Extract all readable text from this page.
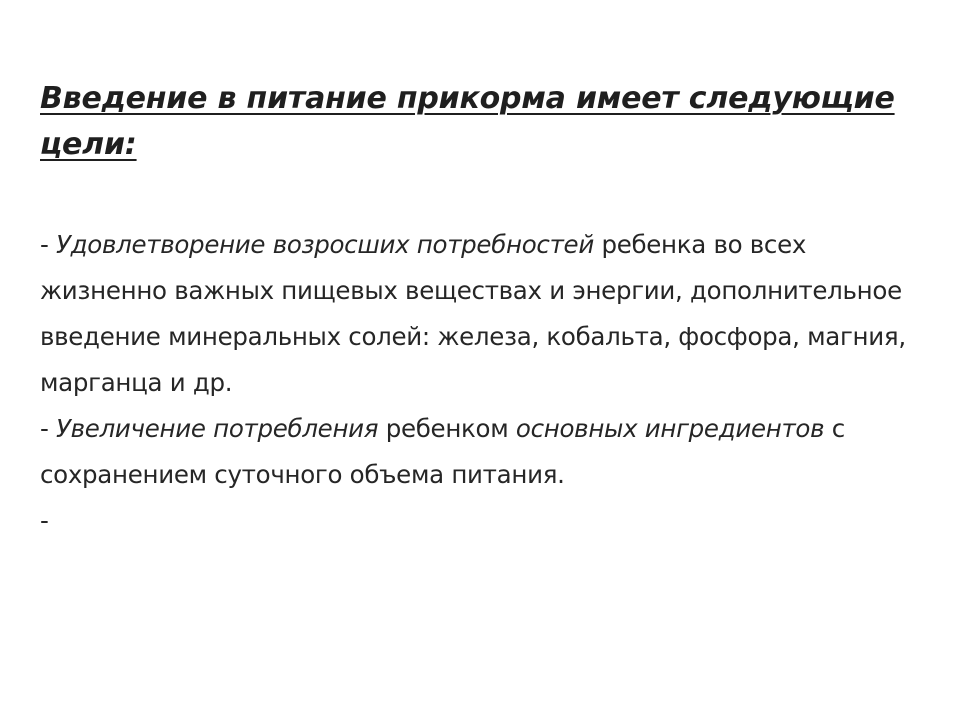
Введение в питание прикорма имеет следующие цели:

- Удовлетворение возросших потребностей ребенка во всех жизненно важных пищевых веществах и энергии, дополнительное введение минеральных солей: железа, кобальта, фосфора, магния, марганца и др.

- Увеличение потребления ребенком основных ингредиентов с сохранением суточного объема питания.

-
